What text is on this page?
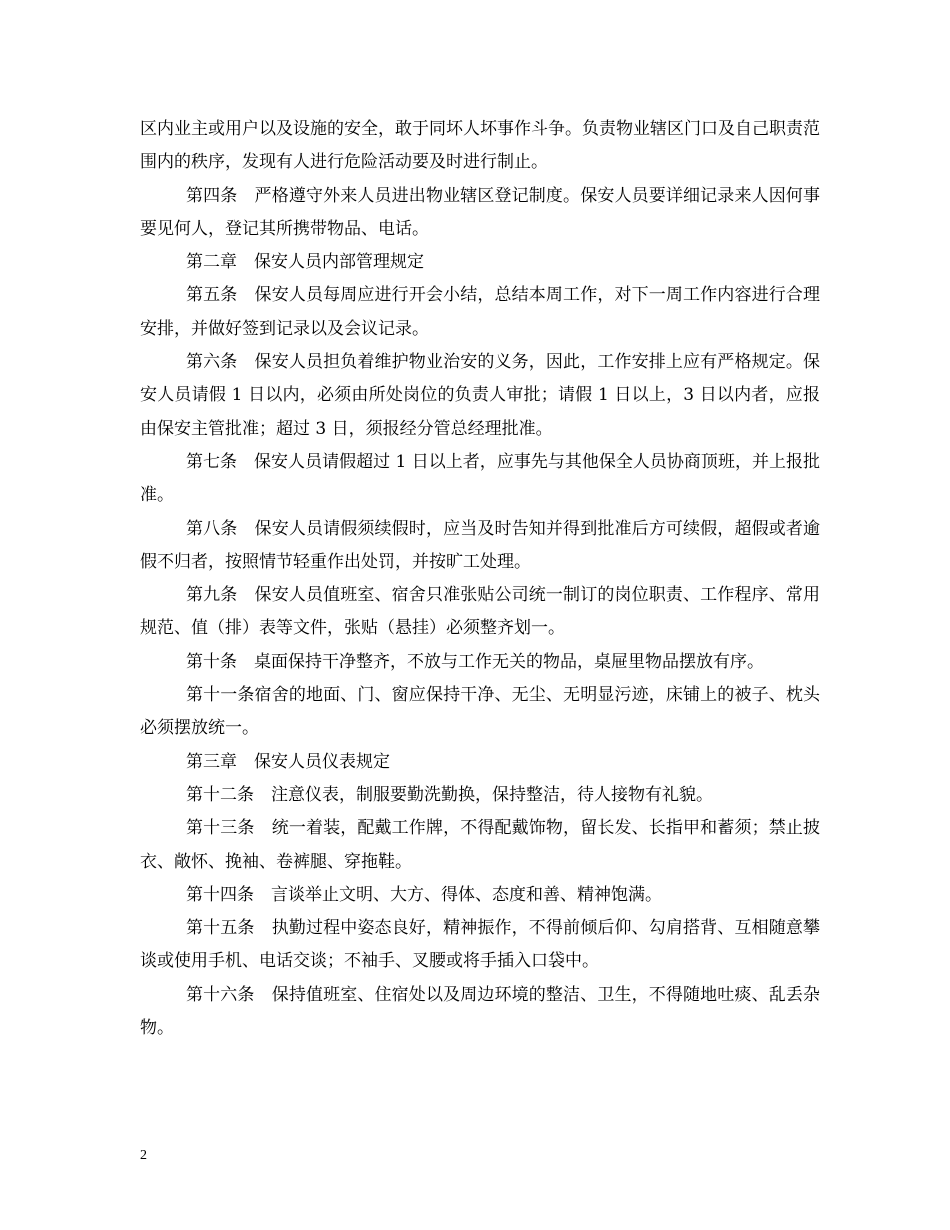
区内业主或用户以及设施的安全，敢于同坏人坏事作斗争。负责物业辖区门口及自己职责范围内的秩序，发现有人进行危险活动要及时进行制止。

第四条　严格遵守外来人员进出物业辖区登记制度。保安人员要详细记录来人因何事要见何人，登记其所携带物品、电话。

第二章　保安人员内部管理规定

第五条　保安人员每周应进行开会小结，总结本周工作，对下一周工作内容进行合理安排，并做好签到记录以及会议记录。

第六条　保安人员担负着维护物业治安的义务，因此，工作安排上应有严格规定。保安人员请假 1 日以内，必须由所处岗位的负责人审批；请假 1 日以上，3 日以内者，应报由保安主管批准；超过 3 日，须报经分管总经理批准。

第七条　保安人员请假超过 1 日以上者，应事先与其他保全人员协商顶班，并上报批准。

第八条　保安人员请假须续假时，应当及时告知并得到批准后方可续假，超假或者逾假不归者，按照情节轻重作出处罚，并按旷工处理。

第九条　保安人员值班室、宿舍只准张贴公司统一制订的岗位职责、工作程序、常用规范、值（排）表等文件，张贴（悬挂）必须整齐划一。

第十条　桌面保持干净整齐，不放与工作无关的物品，桌屉里物品摆放有序。

第十一条宿舍的地面、门、窗应保持干净、无尘、无明显污迹，床铺上的被子、枕头必须摆放统一。

第三章　保安人员仪表规定

第十二条　注意仪表，制服要勤洗勤换，保持整洁，待人接物有礼貌。

第十三条　统一着装，配戴工作牌，不得配戴饰物，留长发、长指甲和蓄须；禁止披衣、敞怀、挽袖、卷裤腿、穿拖鞋。

第十四条　言谈举止文明、大方、得体、态度和善、精神饱满。

第十五条　执勤过程中姿态良好，精神振作，不得前倾后仰、勾肩搭背、互相随意攀谈或使用手机、电话交谈；不袖手、叉腰或将手插入口袋中。

第十六条　保持值班室、住宿处以及周边环境的整洁、卫生，不得随地吐痰、乱丢杂物。

2
